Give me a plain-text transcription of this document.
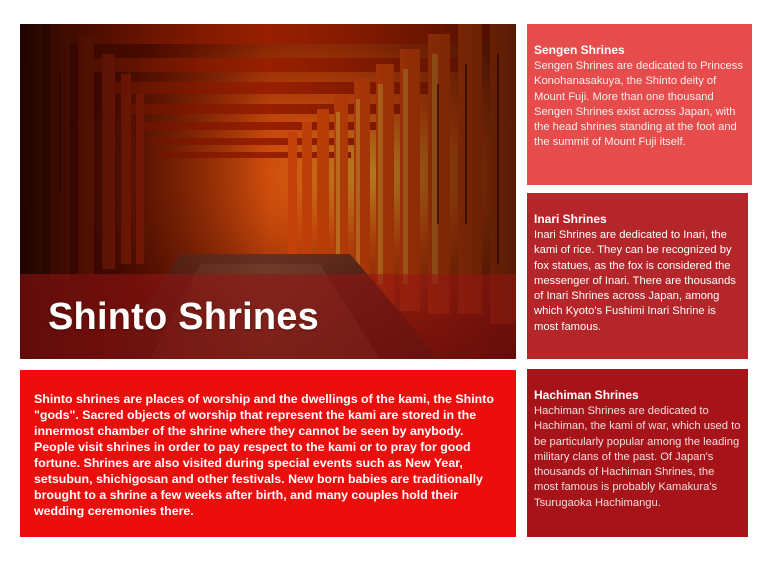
Shinto Shrines
Sengen Shrines

Sengen Shrines are dedicated to Princess Konohanasakuya, the Shinto deity of Mount Fuji. More than one thousand Sengen Shrines exist across Japan, with the head shrines standing at the foot and the summit of Mount Fuji itself.

Inari Shrines

Inari Shrines are dedicated to Inari, the kami of rice. They can be recognized by fox statues, as the fox is considered the messenger of Inari. There are thousands of Inari Shrines across Japan, among which Kyoto's Fushimi Inari Shrine is most famous.

Shinto shrines are places of worship and the dwellings of the kami, the Shinto "gods". Sacred objects of worship that represent the kami are stored in the innermost chamber of the shrine where they cannot be seen by anybody. People visit shrines in order to pay respect to the kami or to pray for good fortune. Shrines are also visited during special events such as New Year, setsubun, shichigosan and other festivals. New born babies are traditionally brought to a shrine a few weeks after birth, and many couples hold their wedding ceremonies there.

Hachiman Shrines

Hachiman Shrines are dedicated to Hachiman, the kami of war, which used to be particularly popular among the leading military clans of the past. Of Japan's thousands of Hachiman Shrines, the most famous is probably Kamakura's Tsurugaoka Hachimangu.
